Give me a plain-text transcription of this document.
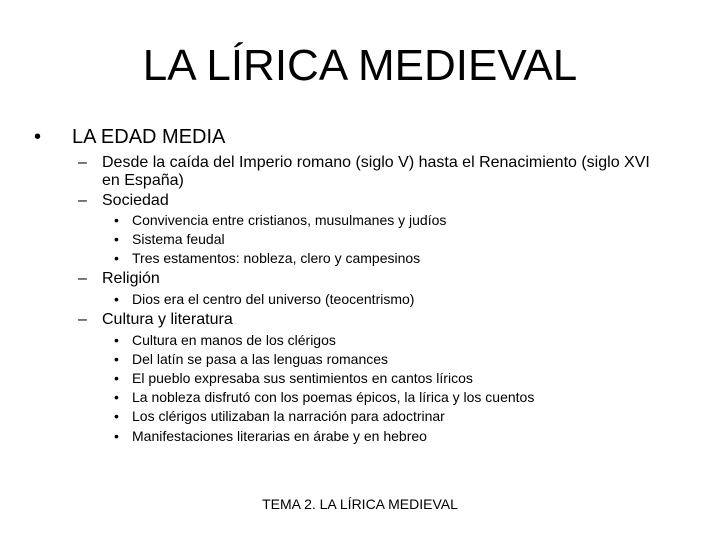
LA LÍRICA MEDIEVAL
• LA EDAD MEDIA
– Desde la caída del Imperio romano (siglo V) hasta el Renacimiento (siglo XVI en España)
– Sociedad
• Convivencia entre cristianos, musulmanes y judíos
• Sistema feudal
• Tres estamentos: nobleza, clero y campesinos
– Religión
• Dios era el centro del universo (teocentrismo)
– Cultura y literatura
• Cultura en manos de los clérigos
• Del latín se pasa a las lenguas romances
• El pueblo expresaba sus sentimientos en cantos líricos
• La nobleza disfrutó con los poemas épicos, la lírica y los cuentos
• Los clérigos utilizaban la narración para adoctrinar
• Manifestaciones literarias en árabe y en hebreo
TEMA 2. LA LÍRICA MEDIEVAL
